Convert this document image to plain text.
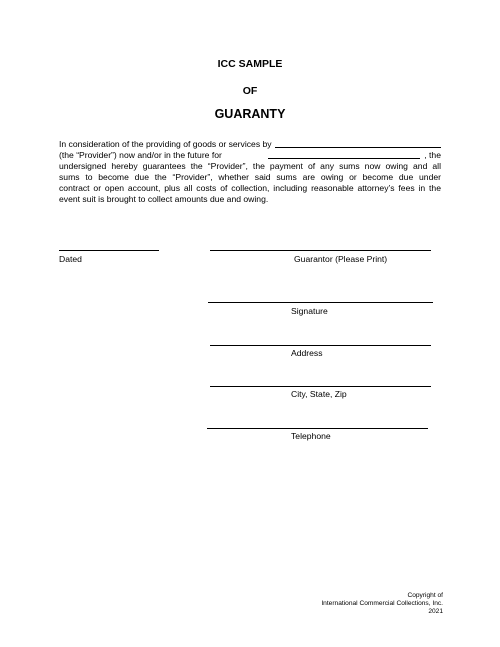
ICC SAMPLE
OF
GUARANTY
In consideration of the providing of goods or services by
(the “Provider”) now and/or in the future for	, the
undersigned hereby guarantees the “Provider”, the payment of any sums now owing and all
sums to become due the “Provider”, whether said sums are owing or become due under
contract or open account, plus all costs of collection, including reasonable attorney’s fees in the
event suit is brought to collect amounts due and owing.
Dated	Guarantor (Please Print)
Signature
Address
City, State, Zip
Telephone
Copyright of
International Commercial Collections, Inc.
2021
